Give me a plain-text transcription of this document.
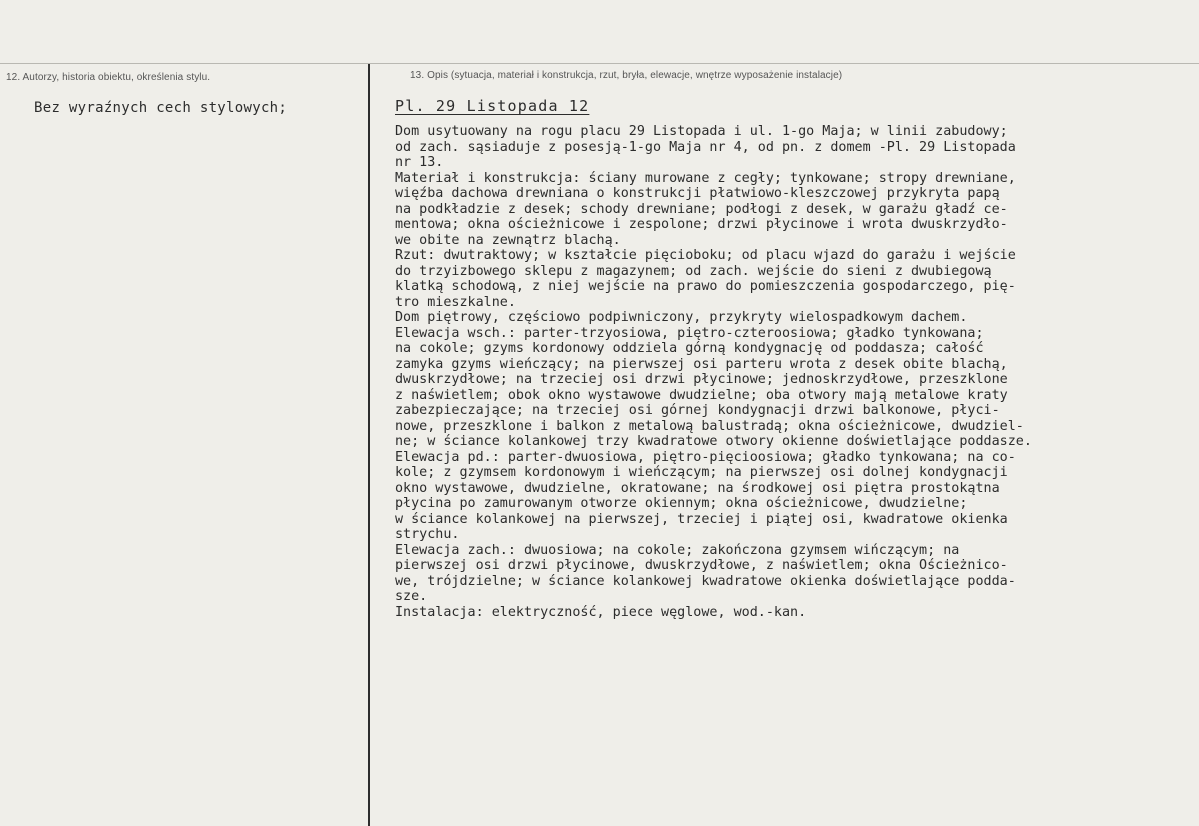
12. Autorzy, historia obiektu, określenia stylu.	13. Opis (sytuacja, materiał i konstrukcja, rzut, bryła, elewacje, wnętrze wyposażenie instalacje)
Bez wyraźnych cech stylowych;	Pl. 29 Listopada 12
Dom usytuowany na rogu placu 29 Listopada i ul. 1-go Maja; w linii zabudowy;
od zach. sąsiaduje z posesją-1-go Maja nr 4, od pn. z domem -Pl. 29 Listopada
nr 13.
Materiał i konstrukcja: ściany murowane z cegły; tynkowane; stropy drewniane,
więźba dachowa drewniana o konstrukcji płatwiowo-kleszczowej przykryta papą
na podkładzie z desek; schody drewniane; podłogi z desek, w garażu gładź ce-
mentowa; okna ościeżnicowe i zespolone; drzwi płycinowe i wrota dwuskrzydło-
we obite na zewnątrz blachą.
Rzut: dwutraktowy; w kształcie pięcioboku; od placu wjazd do garażu i wejście
do trzyizbowego sklepu z magazynem; od zach. wejście do sieni z dwubiegową
klatką schodową, z niej wejście na prawo do pomieszczenia gospodarczego, pię-
tro mieszkalne.
Dom piętrowy, częściowo podpiwniczony, przykryty wielospadkowym dachem.
Elewacja wsch.: parter-trzyosiowa, piętro-czteroosiowa; gładko tynkowana;
na cokole; gzyms kordonowy oddziela górną kondygnację od poddasza; całość
zamyka gzyms wieńczący; na pierwszej osi parteru wrota z desek obite blachą,
dwuskrzydłowe; na trzeciej osi drzwi płycinowe; jednoskrzydłowe, przeszklone
z naświetlem; obok okno wystawowe dwudzielne; oba otwory mają metalowe kraty
zabezpieczające; na trzeciej osi górnej kondygnacji drzwi balkonowe, płyci-
nowe, przeszklone i balkon z metalową balustradą; okna ościeżnicowe, dwudziel-
ne; w ściance kolankowej trzy kwadratowe otwory okienne doświetlające poddasze.
Elewacja pd.: parter-dwuosiowa, piętro-pięcioosiowa; gładko tynkowana; na co-
kole; z gzymsem kordonowym i wieńczącym; na pierwszej osi dolnej kondygnacji
okno wystawowe, dwudzielne, okratowane; na środkowej osi piętra prostokątna
płycina po zamurowanym otworze okiennym; okna ościeżnicowe, dwudzielne;
w ściance kolankowej na pierwszej, trzeciej i piątej osi, kwadratowe okienka
strychu.
Elewacja zach.: dwuosiowa; na cokole; zakończona gzymsem wińczącym; na
pierwszej osi drzwi płycinowe, dwuskrzydłowe, z naświetlem; okna Ościeżnico-
we, trójdzielne; w ściance kolankowej kwadratowe okienka doświetlające podda-
sze.
Instalacja: elektryczność, piece węglowe, wod.-kan.
